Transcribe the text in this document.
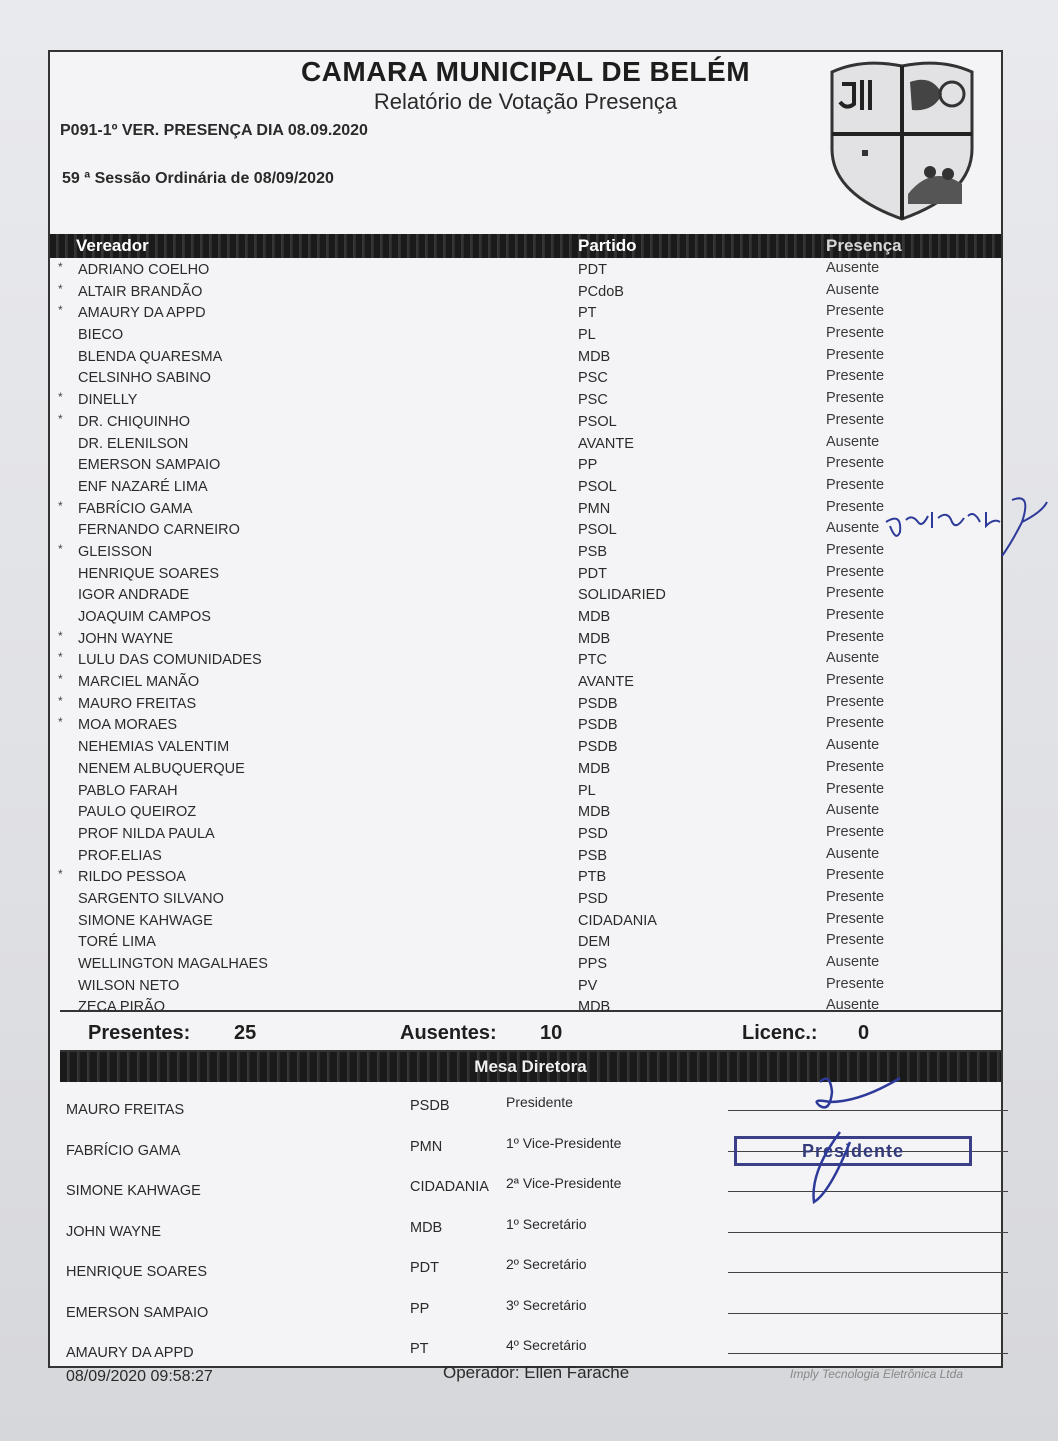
CAMARA MUNICIPAL DE BELÉM
Relatório de Votação Presença
P091-1º VER. PRESENÇA DIA 08.09.2020
59 ª Sessão Ordinária de 08/09/2020
Vereador	Partido	Presença
* ADRIANO COELHO	PDT	Ausente
* ALTAIR BRANDÃO	PCdoB	Ausente
* AMAURY DA APPD	PT	Presente
BIECO	PL	Presente
BLENDA QUARESMA	MDB	Presente
CELSINHO SABINO	PSC	Presente
* DINELLY	PSC	Presente
* DR. CHIQUINHO	PSOL	Presente
DR. ELENILSON	AVANTE	Ausente
EMERSON SAMPAIO	PP	Presente
ENF NAZARÉ LIMA	PSOL	Presente
* FABRÍCIO GAMA	PMN	Presente
FERNANDO CARNEIRO	PSOL	Ausente
* GLEISSON	PSB	Presente
HENRIQUE SOARES	PDT	Presente
IGOR ANDRADE	SOLIDARIED	Presente
JOAQUIM CAMPOS	MDB	Presente
* JOHN WAYNE	MDB	Presente
* LULU DAS COMUNIDADES	PTC	Ausente
* MARCIEL MANÃO	AVANTE	Presente
* MAURO FREITAS	PSDB	Presente
* MOA MORAES	PSDB	Presente
NEHEMIAS VALENTIM	PSDB	Ausente
NENEM ALBUQUERQUE	MDB	Presente
PABLO FARAH	PL	Presente
PAULO QUEIROZ	MDB	Ausente
PROF NILDA PAULA	PSD	Presente
PROF.ELIAS	PSB	Ausente
* RILDO PESSOA	PTB	Presente
SARGENTO SILVANO	PSD	Presente
SIMONE KAHWAGE	CIDADANIA	Presente
TORÉ LIMA	DEM	Presente
WELLINGTON MAGALHAES	PPS	Ausente
WILSON NETO	PV	Presente
ZECA PIRÃO	MDB	Ausente
Presentes: 25	Ausentes: 10	Licenc.: 0
Mesa Diretora
MAURO FREITAS	PSDB	Presidente
FABRÍCIO GAMA	PMN	1º Vice-Presidente
SIMONE KAHWAGE	CIDADANIA 2ª Vice-Presidente
JOHN WAYNE	MDB	1º Secretário
HENRIQUE SOARES	PDT	2º Secretário
EMERSON SAMPAIO	PP	3º Secretário
AMAURY DA APPD	PT	4º Secretário
Presidente
08/09/2020 09:58:27	Operador: Ellen Farache	Imply Tecnologia Eletrônica Ltda
